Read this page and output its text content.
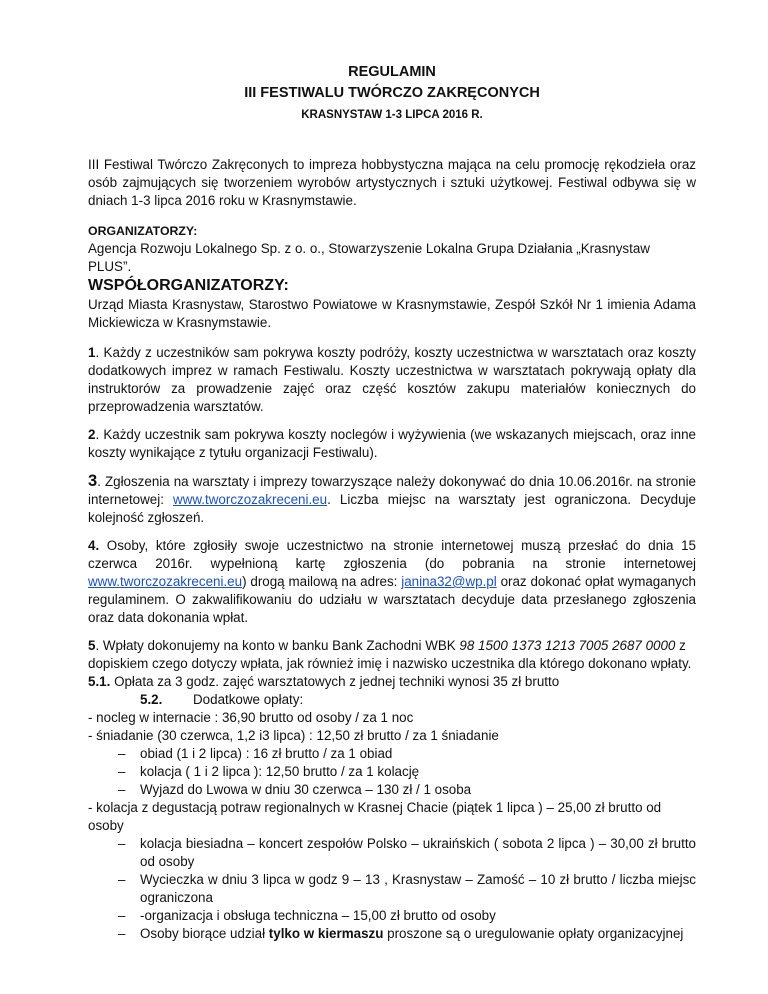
REGULAMIN
III FESTIWALU TWÓRCZO ZAKRĘCONYCH
KRASNYSTAW 1-3 LIPCA 2016 R.

III Festiwal Twórczo Zakręconych to impreza hobbystyczna mająca na celu promocję rękodzieła oraz osób zajmujących się tworzeniem wyrobów artystycznych i sztuki użytkowej. Festiwal odbywa się w dniach 1-3 lipca 2016 roku w Krasnymstawie.

ORGANIZATORZY:

Agencja Rozwoju Lokalnego Sp. z o. o., Stowarzyszenie Lokalna Grupa Działania „Krasnystaw PLUS”.

WSPÓŁORGANIZATORZY:

Urząd Miasta Krasnystaw, Starostwo Powiatowe w Krasnymstawie, Zespół Szkół Nr 1 imienia Adama Mickiewicza w Krasnymstawie.

1. Każdy z uczestników sam pokrywa koszty podróży, koszty uczestnictwa w warsztatach oraz koszty dodatkowych imprez w ramach Festiwalu. Koszty uczestnictwa w warsztatach pokrywają opłaty dla instruktorów za prowadzenie zajęć oraz część kosztów zakupu materiałów koniecznych do przeprowadzenia warsztatów.

2. Każdy uczestnik sam pokrywa koszty noclegów i wyżywienia (we wskazanych miejscach, oraz inne koszty wynikające z tytułu organizacji Festiwalu).

3. Zgłoszenia na warsztaty i imprezy towarzyszące należy dokonywać do dnia 10.06.2016r. na stronie internetowej: www.tworczozakreceni.eu. Liczba miejsc na warsztaty jest ograniczona. Decyduje kolejność zgłoszeń.

4. Osoby, które zgłosiły swoje uczestnictwo na stronie internetowej muszą przesłać do dnia 15 czerwca 2016r. wypełnioną kartę zgłoszenia (do pobrania na stronie internetowej www.tworczozakreceni.eu) drogą mailową na adres: janina32@wp.pl oraz dokonać opłat wymaganych regulaminem. O zakwalifikowaniu do udziału w warsztatach decyduje data przesłanego zgłoszenia oraz data dokonania wpłat.

5. Wpłaty dokonujemy na konto w banku Bank Zachodni WBK 98 1500 1373 1213 7005 2687 0000 z dopiskiem czego dotyczy wpłata, jak również imię i nazwisko uczestnika dla którego dokonano wpłaty.

5.1. Opłata za 3 godz. zajęć warsztatowych z jednej techniki wynosi 35 zł brutto

5.2. Dodatkowe opłaty:

- nocleg w internacie : 36,90 brutto od osoby / za 1 noc

- śniadanie (30 czerwca, 1,2 i3 lipca) : 12,50 zł brutto / za 1 śniadanie

– obiad (1 i 2 lipca) : 16 zł brutto / za 1 obiad
– kolacja ( 1 i 2 lipca ): 12,50 brutto / za 1 kolację
– Wyjazd do Lwowa w dniu 30 czerwca – 130 zł / 1 osoba

- kolacja z degustacją potraw regionalnych w Krasnej Chacie (piątek 1 lipca ) – 25,00 zł brutto od osoby

– kolacja biesiadna – koncert zespołów Polsko – ukraińskich ( sobota 2 lipca ) – 30,00 zł brutto od osoby
– Wycieczka w dniu 3 lipca w godz 9 – 13 , Krasnystaw – Zamość – 10 zł brutto / liczba miejsc ograniczona
– -organizacja i obsługa techniczna – 15,00 zł brutto od osoby
– Osoby biorące udział tylko w kiermaszu proszone są o uregulowanie opłaty organizacyjnej
